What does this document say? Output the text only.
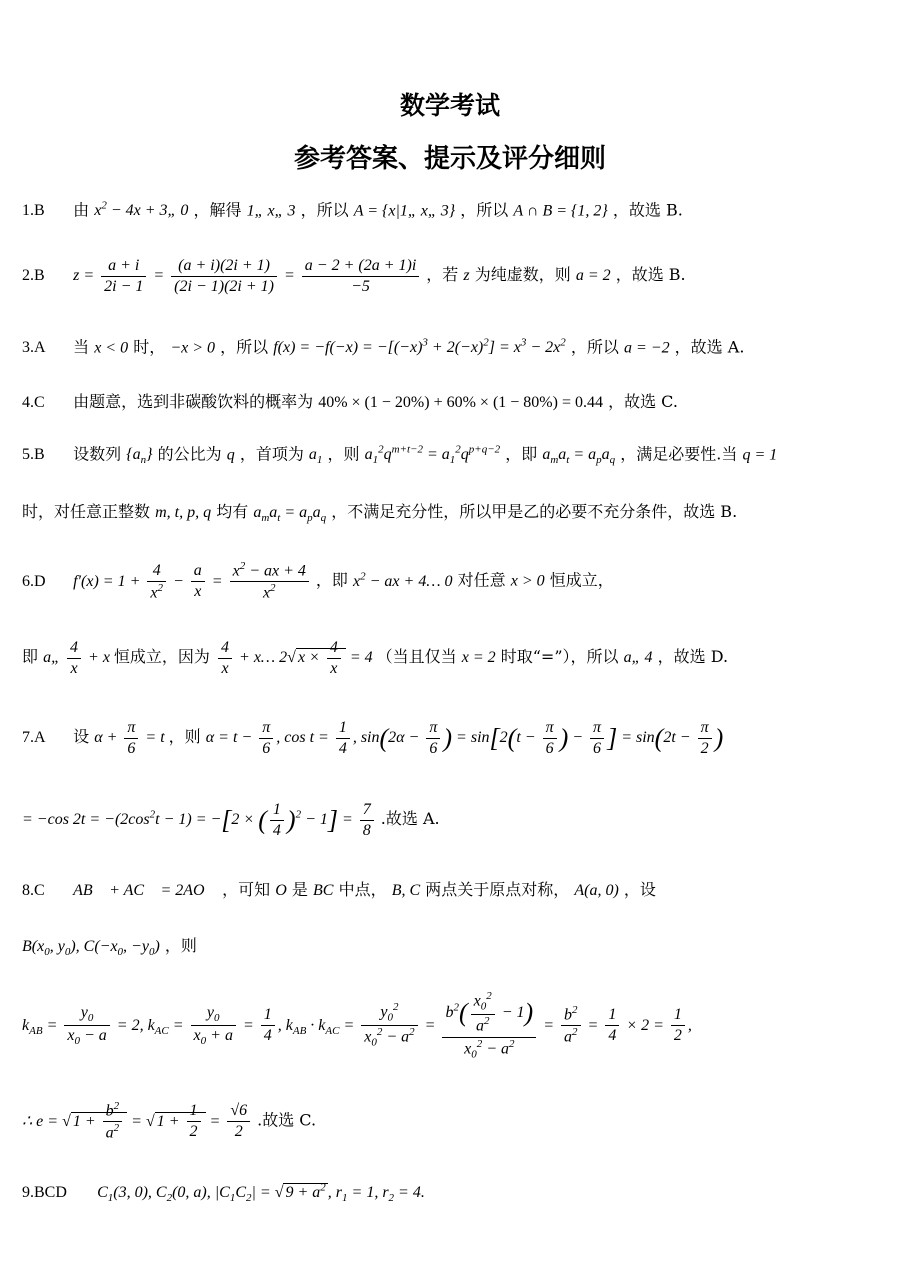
数学考试
参考答案、提示及评分细则
1.B 由 $x^2 - 4x$ + 3„ 0 ，解得 1„ x„ 3 ，所以 A = {x|1„ x„ 3} ，所以 A ∩ B = {1, 2} ，故选 B.
2.B $z = \frac{a + i}{2i - 1} = \frac{(a + i)(2i + 1)}{(2i - 1)(2i + 1)} = \frac{a - 2 + (2a + 1)i}{-5}$ ，若 z 为纯虚数，则 a = 2 ，故选 B.
3.A 当 x < 0 时， −x > 0 ，所以 $f(x) = -f(-x) = -[(-x)^3 + 2(-x)^2] = x^3 - 2x^2$ ，所以 a = −2 ，故选 A.
4.C 由题意，选到非碳酸饮料的概率为 40% × (1 − 20%) + 60% × (1 − 80%) = 0.44 ，故选 C.
5.B 设数列 $\{a_n\}$ 的公比为 q ，首项为 $a_1$ ，则 $a_1^2q^{m+t-2} = a_1^2q^{p+q-2}$ ，即 $a_ma_t = a_pa_q$ ，满足必要性.当 q = 1
时，对任意正整数 m, t, p, q 均有 $a_ma_t = a_pa_q$ ，不满足充分性，所以甲是乙的必要不充分条件，故选 B.
6.D $f'(x) = 1 + \frac{4}{x^2} - \frac{a}{x} = \frac{x^2 - ax + 4}{x^2}$ ，即 $x^2$ − ax + 4… 0 对任意 x > 0 恒成立，
即 a„ $\frac{4}{x} + x$ 恒成立，因为 $\frac{4}{x}$ + x… 2√ $x \times \frac{4}{x} = 4$ （当且仅当 x = 2 时取“=”），所以 a„ 4 ，故选 D.
7.A 设 $\alpha + \frac{\pi}{6} = t$ ，则 $\alpha = t - \frac{\pi}{6}$ , $\cos t = \frac{1}{4}$ , $\sin(2\alpha - \frac{\pi}{6}$ ) = $\sin[2(t - \frac{\pi}{6}$ ) − $\frac{\pi}{6}$ ] = $\sin(2t - \frac{\pi}{2}$ )
= −cos $2t = -(2\cos^2t - 1) = -[2$ × ( $\frac{1}{4} )^2 - 1] = \frac{7}{8}$ .故选 A.
8.C AB⃗ + AC⃗ = 2AO⃗ ，可知 O 是 BC 中点， B, C 两点关于原点对称， A(a, 0) ，设
$B(x_0$, $y_0$), $C(-x_0$, $-y_0$) ，则
$k_{AB} = \frac{y_0}{x_0 - a} = 2$, $k_{AC} = \frac{y_0}{x_0 + a} = \frac{1}{4}$ , $k_{AB} \cdot k_{AC} = \frac{y_0^2}{x_0^2 - a^2} = \frac{b^2( \frac{x_0^2}{a^2} - 1)}{x_0^2 - a^2} = \frac{b^2}{a^2} = \frac{1}{4} \times 2 = \frac{1}{2}$ ,
∴ e = √ $1 + \frac{b^2}{a^2}$ = √ $1 + \frac{1}{2} = \frac{√6}{2}$ .故选 C.
9.BCD $C_1(3$, 0), $C_2(0$, a), $|C_1C_2|$ = √ $9 + a^2$ , $r_1 = 1$, $r_2 = 4$.
